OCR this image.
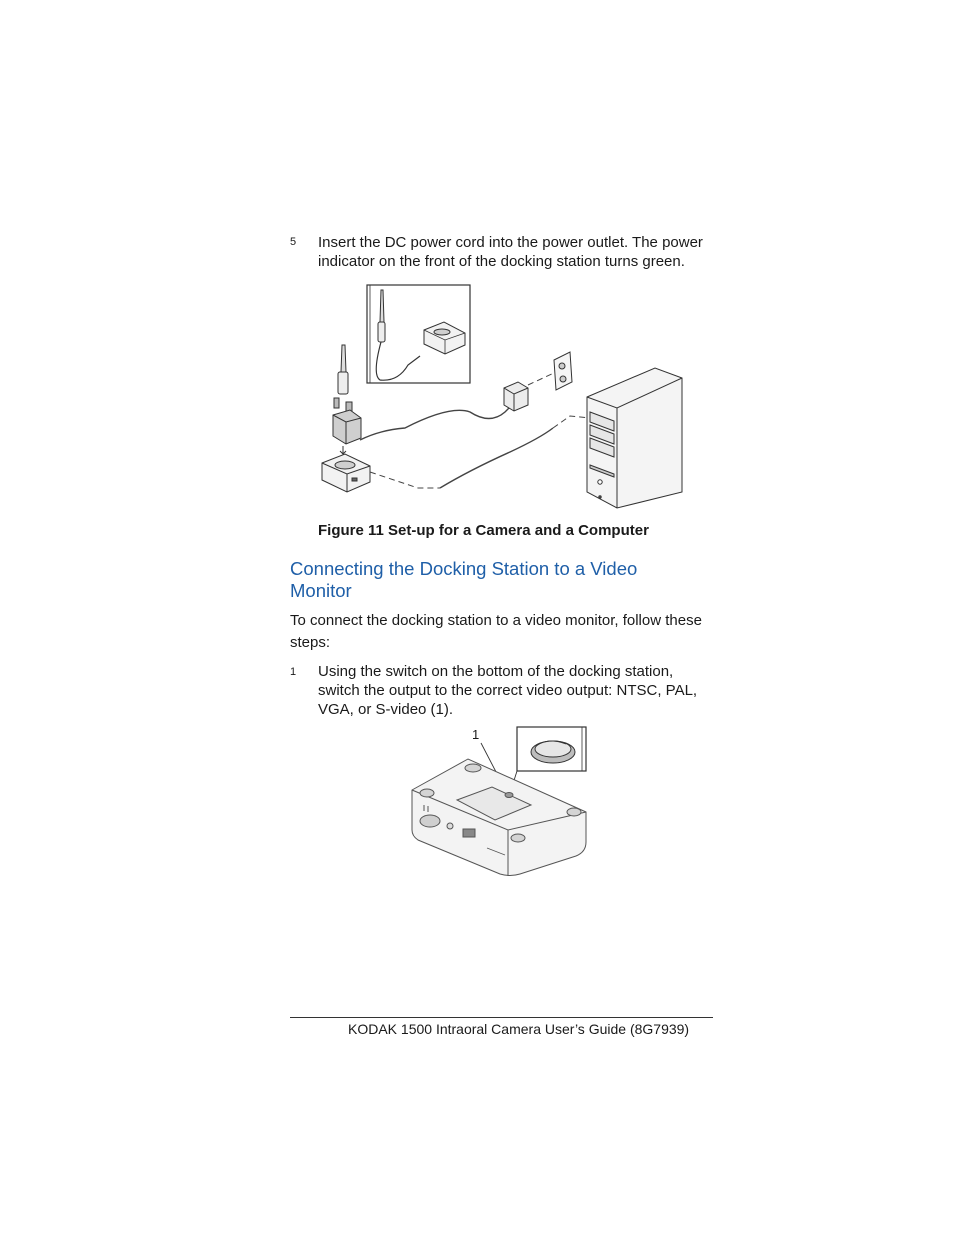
5 Insert the DC power cord into the power outlet. The power indicator on the front of the docking station turns green.
Figure 11 Set-up for a Camera and a Computer
Connecting the Docking Station to a Video Monitor
To connect the docking station to a video monitor, follow these steps:
1 Using the switch on the bottom of the docking station, switch the output to the correct video output: NTSC, PAL, VGA, or S-video (1).
1
KODAK 1500 Intraoral Camera User’s Guide (8G7939)
